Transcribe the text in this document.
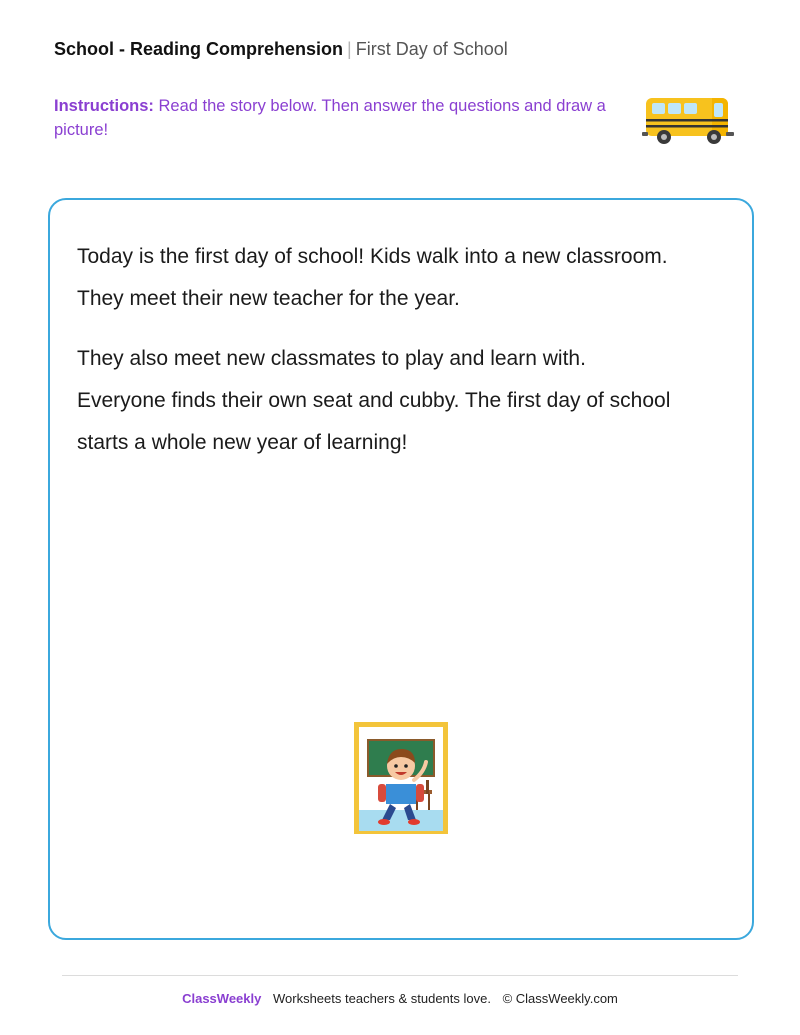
School - Reading Comprehension | First Day of School
Instructions: Read the story below. Then answer the questions and draw a picture!

Today is the first day of school! Kids walk into a new classroom. They meet their new teacher for the year.

They also meet new classmates to play and learn with. Everyone finds their own seat and cubby. The first day of school starts a whole new year of learning!

ClassWeekly Worksheets teachers & students love. © ClassWeekly.com
